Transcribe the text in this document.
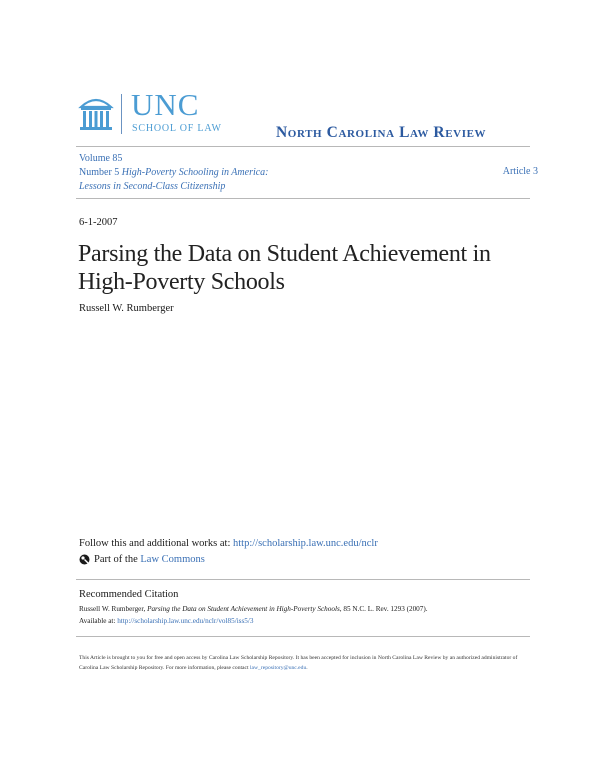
UNC
SCHOOL OF LAW	North Carolina Law Review
Volume 85
Number 5 High-Poverty Schooling in America:
Lessons in Second-Class Citizenship
Article 3
6-1-2007
Parsing the Data on Student Achievement in High-Poverty Schools
Russell W. Rumberger
Follow this and additional works at: http://scholarship.law.unc.edu/nclr
Part of the
Law Commons
Recommended Citation
Russell W. Rumberger, Parsing the Data on Student Achievement in High-Poverty Schools, 85 N.C. L. Rev. 1293 (2007).
Available at: http://scholarship.law.unc.edu/nclr/vol85/iss5/3
This Article is brought to you for free and open access by Carolina Law Scholarship Repository. It has been accepted for inclusion in North Carolina Law Review by an authorized administrator of Carolina Law Scholarship Repository. For more information, please contact law_repository@unc.edu.
